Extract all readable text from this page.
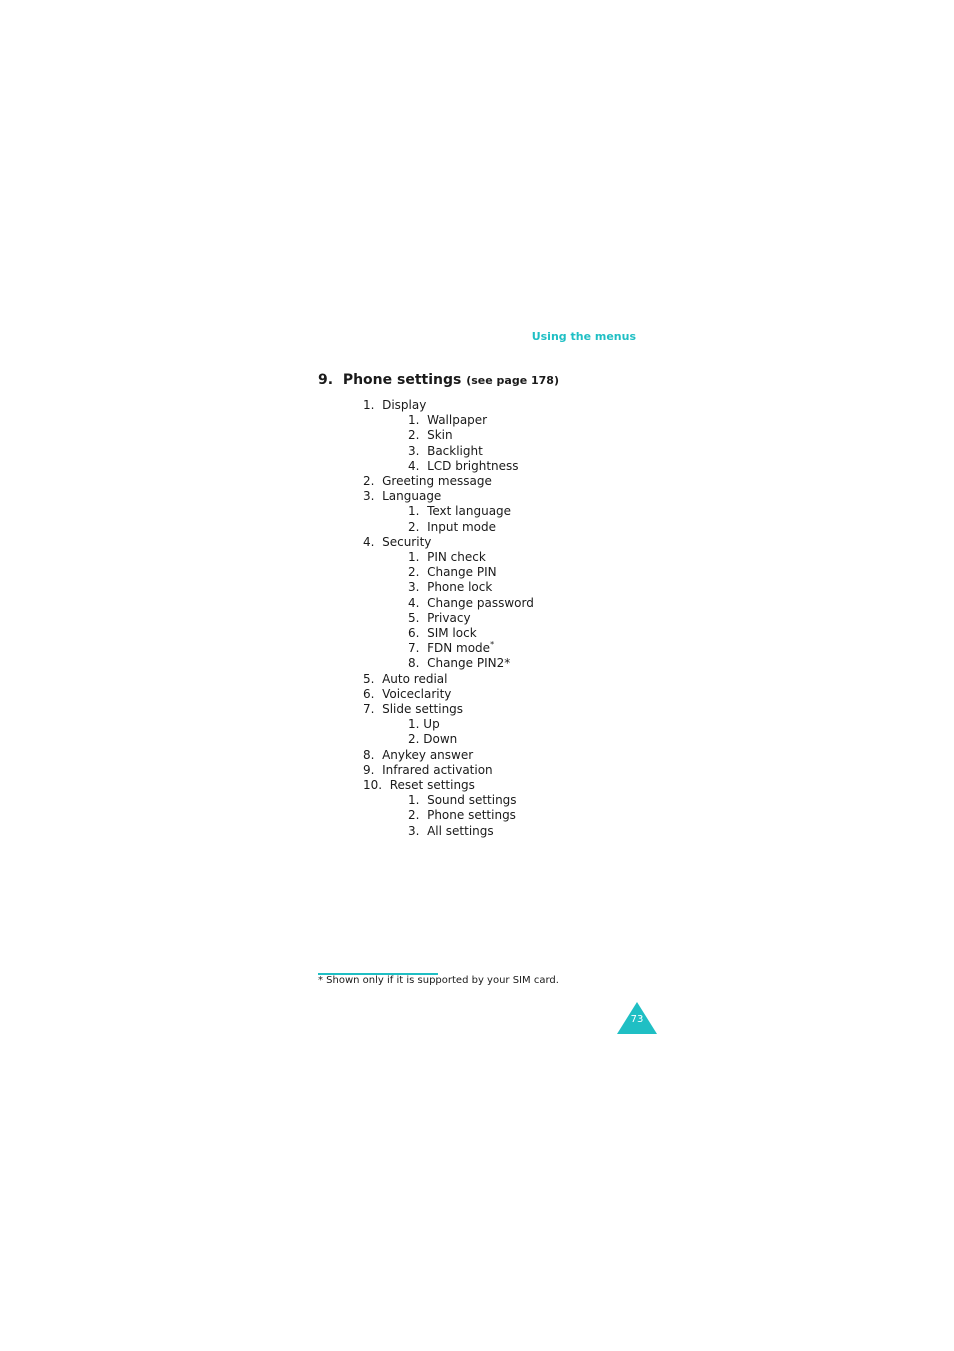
Using the menus
9. Phone settings (see page 178)
1. Display
1. Wallpaper
2. Skin
3. Backlight
4. LCD brightness
2. Greeting message
3. Language
1. Text language
2. Input mode
4. Security
1. PIN check
2. Change PIN
3. Phone lock
4. Change password
5. Privacy
6. SIM lock
7. FDN mode*
8. Change PIN2*
5. Auto redial
6. Voiceclarity
7. Slide settings
1. Up
2. Down
8. Anykey answer
9. Infrared activation
10. Reset settings
1. Sound settings
2. Phone settings
3. All settings
* Shown only if it is supported by your SIM card.
73
